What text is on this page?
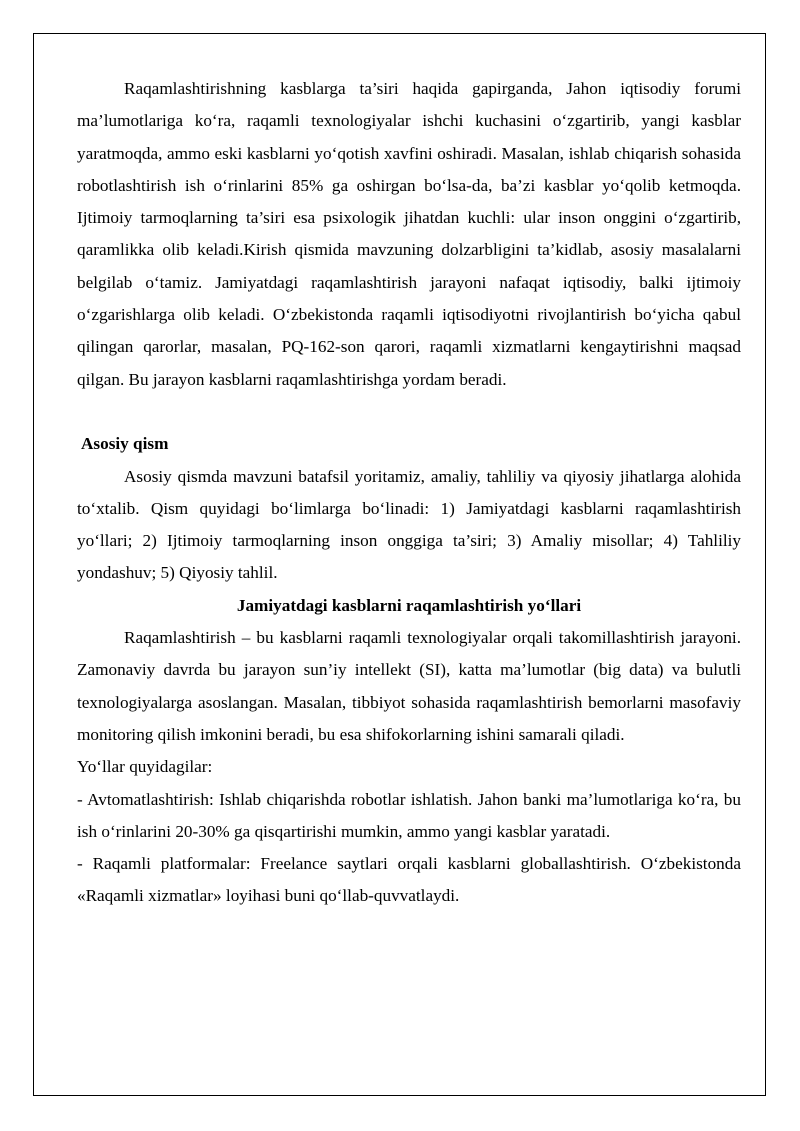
Raqamlashtirishning kasblarga ta’siri haqida gapirganda, Jahon iqtisodiy forumi ma’lumotlariga ko‘ra, raqamli texnologiyalar ishchi kuchasini o‘zgartirib, yangi kasblar yaratmoqda, ammo eski kasblarni yo‘qotish xavfini oshiradi. Masalan, ishlab chiqarish sohasida robotlashtirish ish o‘rinlarini 85% ga oshirgan bo‘lsa-da, ba’zi kasblar yo‘qolib ketmoqda. Ijtimoiy tarmoqlarning ta’siri esa psixologik jihatdan kuchli: ular inson onggini o‘zgartirib, qaramlikka olib keladi.Kirish qismida mavzuning dolzarbligini ta’kidlab, asosiy masalalarni belgilab o‘tamiz. Jamiyatdagi raqamlashtirish jarayoni nafaqat iqtisodiy, balki ijtimoiy o‘zgarishlarga olib keladi. O‘zbekistonda raqamli iqtisodiyotni rivojlantirish bo‘yicha qabul qilingan qarorlar, masalan, PQ-162-son qarori, raqamli xizmatlarni kengaytirishni maqsad qilgan. Bu jarayon kasblarni raqamlashtirishga yordam beradi.

Asosiy qism

Asosiy qismda mavzuni batafsil yoritamiz, amaliy, tahliliy va qiyosiy jihatlarga alohida to‘xtalib. Qism quyidagi bo‘limlarga bo‘linadi: 1) Jamiyatdagi kasblarni raqamlashtirish yo‘llari; 2) Ijtimoiy tarmoqlarning inson onggiga ta’siri; 3) Amaliy misollar; 4) Tahliliy yondashuv; 5) Qiyosiy tahlil.

Jamiyatdagi kasblarni raqamlashtirish yo‘llari

Raqamlashtirish – bu kasblarni raqamli texnologiyalar orqali takomillashtirish jarayoni. Zamonaviy davrda bu jarayon sun’iy intellekt (SI), katta ma’lumotlar (big data) va bulutli texnologiyalarga asoslangan. Masalan, tibbiyot sohasida raqamlashtirish bemorlarni masofaviy monitoring qilish imkonini beradi, bu esa shifokorlarning ishini samarali qiladi.

Yo‘llar quyidagilar:

- Avtomatlashtirish: Ishlab chiqarishda robotlar ishlatish. Jahon banki ma’lumotlariga ko‘ra, bu ish o‘rinlarini 20-30% ga qisqartirishi mumkin, ammo yangi kasblar yaratadi.

- Raqamli platformalar: Freelance saytlari orqali kasblarni globallashtirish. O‘zbekistonda «Raqamli xizmatlar» loyihasi buni qo‘llab-quvvatlaydi.
